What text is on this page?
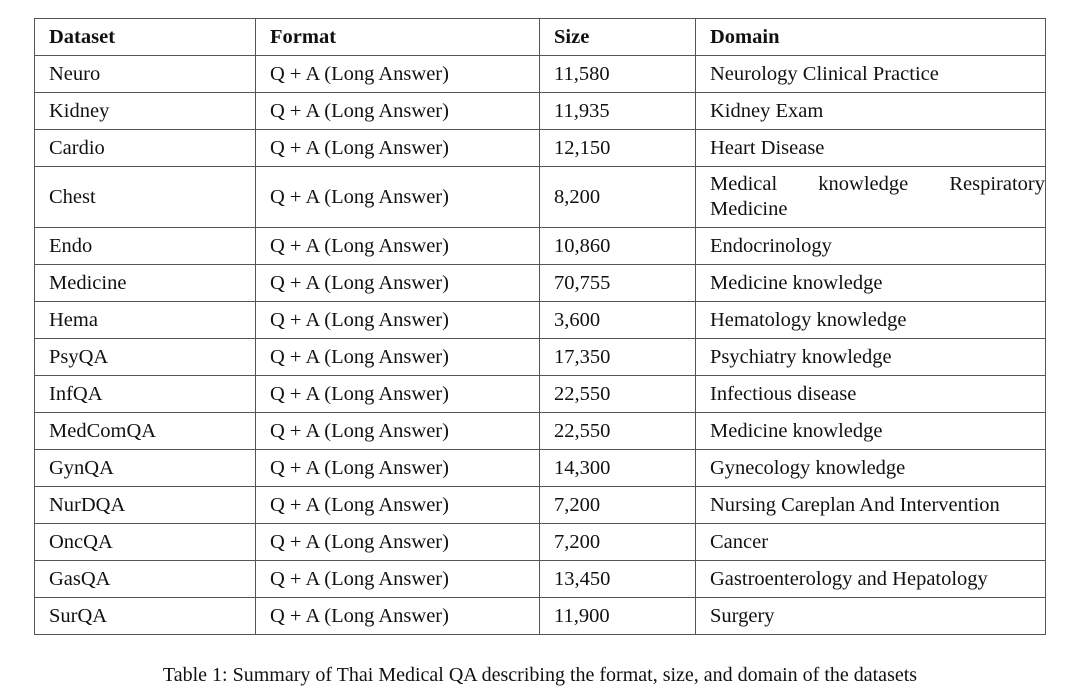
Dataset	Format	Size	Domain
Neuro	Q + A (Long Answer)	11,580	Neurology Clinical Practice
Kidney	Q + A (Long Answer)	11,935	Kidney Exam
Cardio	Q + A (Long Answer)	12,150	Heart Disease
Chest	Q + A (Long Answer)	8,200	Medical knowledge Respiratory Medicine

Endo	Q + A (Long Answer)	10,860	Endocrinology
Medicine	Q + A (Long Answer)	70,755	Medicine knowledge
Hema	Q + A (Long Answer)	3,600	Hematology knowledge
PsyQA	Q + A (Long Answer)	17,350	Psychiatry knowledge
InfQA	Q + A (Long Answer)	22,550	Infectious disease
MedComQA	Q + A (Long Answer)	22,550	Medicine knowledge
GynQA	Q + A (Long Answer)	14,300	Gynecology knowledge
NurDQA	Q + A (Long Answer)	7,200	Nursing Careplan And Intervention
OncQA	Q + A (Long Answer)	7,200	Cancer
GasQA	Q + A (Long Answer)	13,450	Gastroenterology and Hepatology
SurQA	Q + A (Long Answer)	11,900	Surgery
Table 1: Summary of Thai Medical QA describing the format, size, and domain of the datasets
